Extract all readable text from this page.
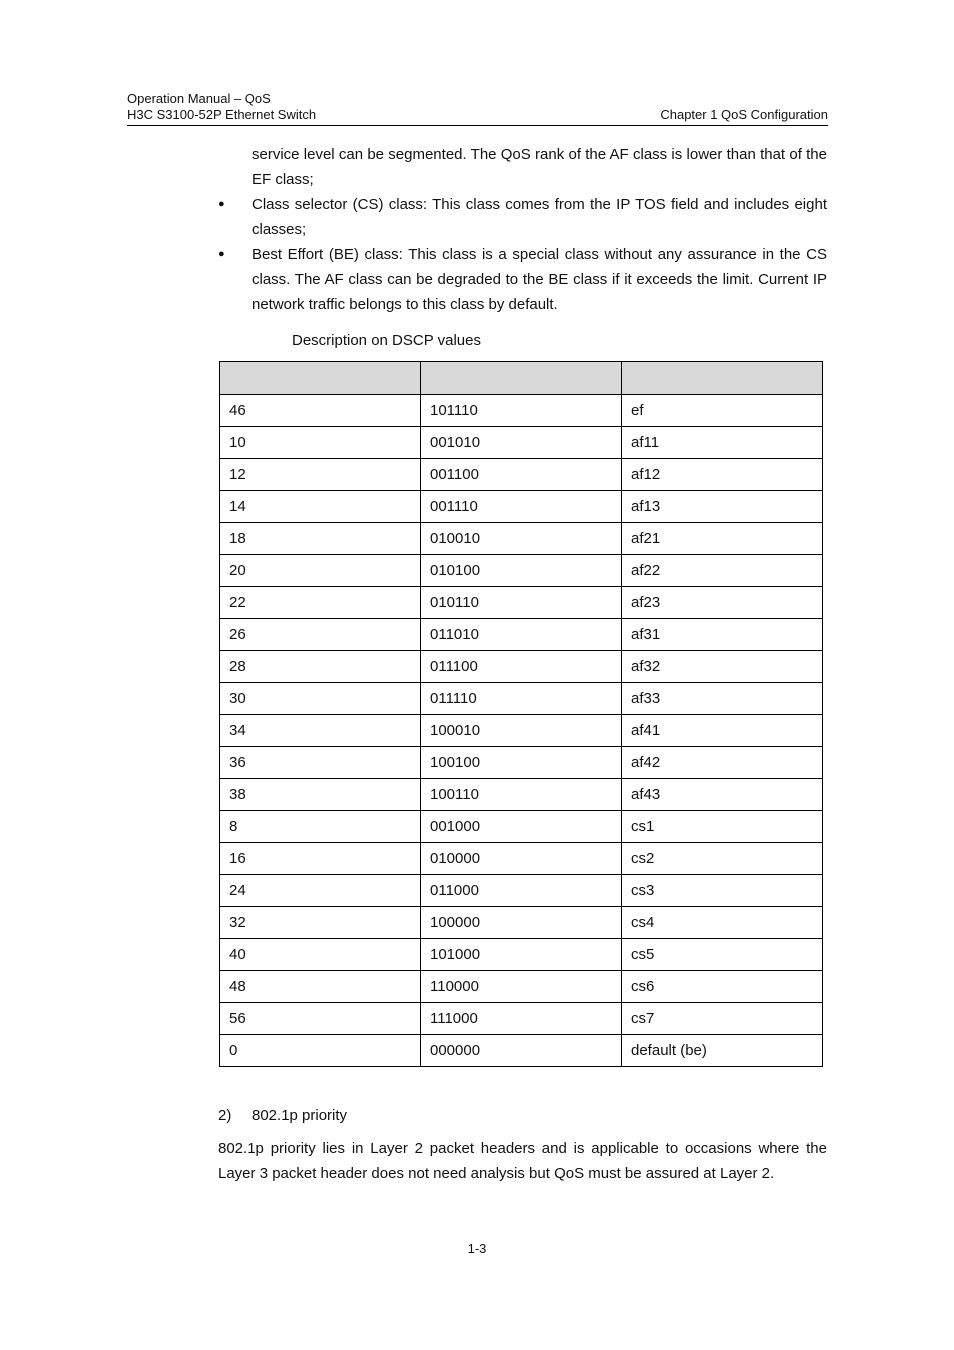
Operation Manual – QoS
H3C S3100-52P Ethernet Switch	Chapter 1 QoS Configuration
service level can be segmented. The QoS rank of the AF class is lower than that of the EF class;
● Class selector (CS) class: This class comes from the IP TOS field and includes eight classes;
● Best Effort (BE) class: This class is a special class without any assurance in the CS class. The AF class can be degraded to the BE class if it exceeds the limit. Current IP network traffic belongs to this class by default.
Description on DSCP values

46	101110	ef
10	001010	af11
12	001100	af12
14	001110	af13
18	010010	af21
20	010100	af22
22	010110	af23
26	011010	af31
28	011100	af32
30	011110	af33
34	100010	af41
36	100100	af42
38	100110	af43
8	001000	cs1
16	010000	cs2
24	011000	cs3
32	100000	cs4
40	101000	cs5
48	110000	cs6
56	111000	cs7
0	000000	default (be)
2) 802.1p priority
802.1p priority lies in Layer 2 packet headers and is applicable to occasions where the Layer 3 packet header does not need analysis but QoS must be assured at Layer 2.
1-3
